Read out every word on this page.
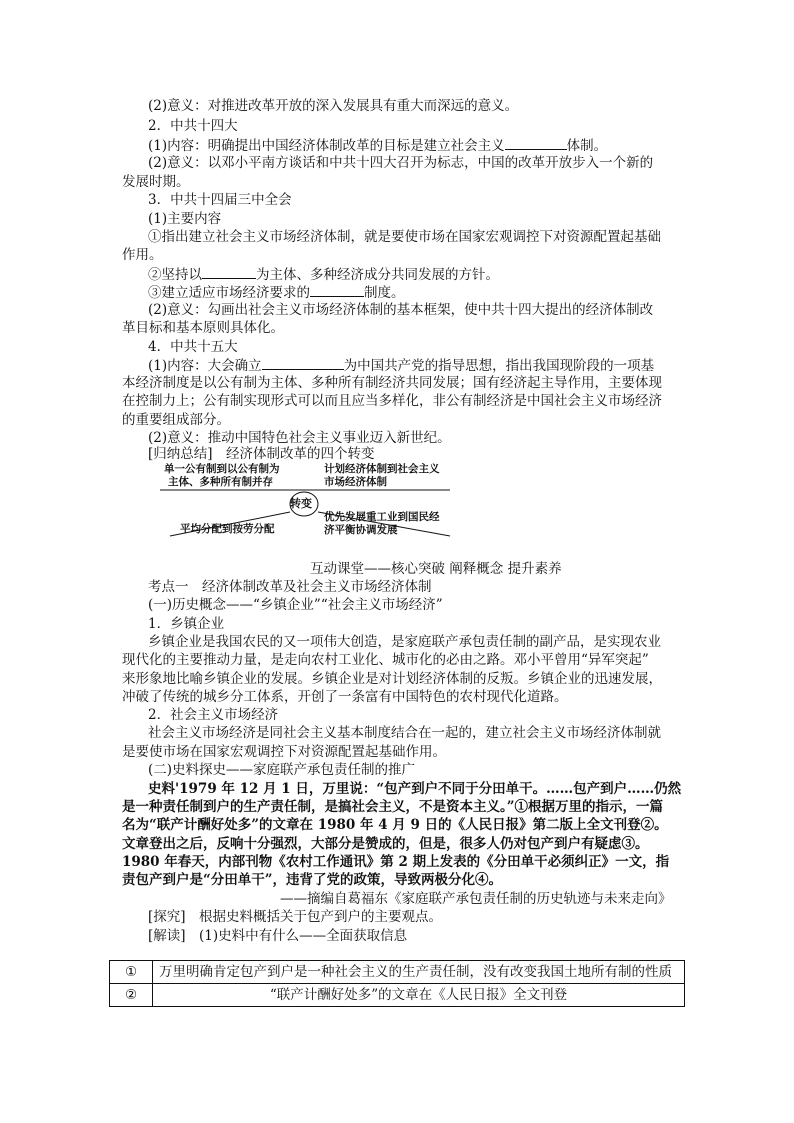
(2)意义：对推进改革开放的深入发展具有重大而深远的意义。
2．中共十四大
(1)内容：明确提出中国经济体制改革的目标是建立社会主义	体制。
(2)意义：以邓小平南方谈话和中共十四大召开为标志，中国的改革开放步入一个新的
发展时期。
3．中共十四届三中全会
(1)主要内容
①指出建立社会主义市场经济体制，就是要使市场在国家宏观调控下对资源配置起基础
作用。
②坚持以	为主体、多种经济成分共同发展的方针。
③建立适应市场经济要求的	制度。
(2)意义：勾画出社会主义市场经济体制的基本框架，使中共十四大提出的经济体制改
革目标和基本原则具体化。
4．中共十五大
(1)内容：大会确立	为中国共产党的指导思想，指出我国现阶段的一项基
本经济制度是以公有制为主体、多种所有制经济共同发展；国有经济起主导作用，主要体现
在控制力上；公有制实现形式可以而且应当多样化，非公有制经济是中国社会主义市场经济
的重要组成部分。
(2)意义：推动中国特色社会主义事业迈入新世纪。
[归纳总结]　经济体制改革的四个转变
转变
单一公有制到以公有制为
主体、多种所有制并存
计划经济体制到社会主义
市场经济体制
平均分配到按劳分配
优先发展重工业到国民经
济平衡协调发展
互动课堂——核心突破 阐释概念 提升素养
考点一　经济体制改革及社会主义市场经济体制
(一)历史概念——“乡镇企业”“社会主义市场经济”
1．乡镇企业
乡镇企业是我国农民的又一项伟大创造，是家庭联产承包责任制的副产品，是实现农业
现代化的主要推动力量，是走向农村工业化、城市化的必由之路。邓小平曾用“异军突起”
来形象地比喻乡镇企业的发展。乡镇企业是对计划经济体制的反叛。乡镇企业的迅速发展，
冲破了传统的城乡分工体系，开创了一条富有中国特色的农村现代化道路。
2．社会主义市场经济
社会主义市场经济是同社会主义基本制度结合在一起的，建立社会主义市场经济体制就
是要使市场在国家宏观调控下对资源配置起基础作用。
(二)史料探史——家庭联产承包责任制的推广
史料'1979 年 12 月 1 日，万里说：“包产到户不同于分田单干。……包产到户……仍然
是一种责任制到户的生产责任制，是搞社会主义，不是资本主义。”①根据万里的指示，一篇
名为“联产计酬好处多”的文章在 1980 年 4 月 9 日的《人民日报》第二版上全文刊登②。
文章登出之后，反响十分强烈，大部分是赞成的，但是，很多人仍对包产到户有疑虑③。
1980 年春天，内部刊物《农村工作通讯》第 2 期上发表的《分田单干必须纠正》一文，指
责包产到户是“分田单干”，违背了党的政策，导致两极分化④。
——摘编自葛福东《家庭联产承包责任制的历史轨迹与未来走向》
[探究]　根据史料概括关于包产到户的主要观点。
[解读]　(1)史料中有什么——全面获取信息
①	万里明确肯定包产到户是一种社会主义的生产责任制，没有改变我国土地所有制的性质
②	“联产计酬好处多”的文章在《人民日报》全文刊登
